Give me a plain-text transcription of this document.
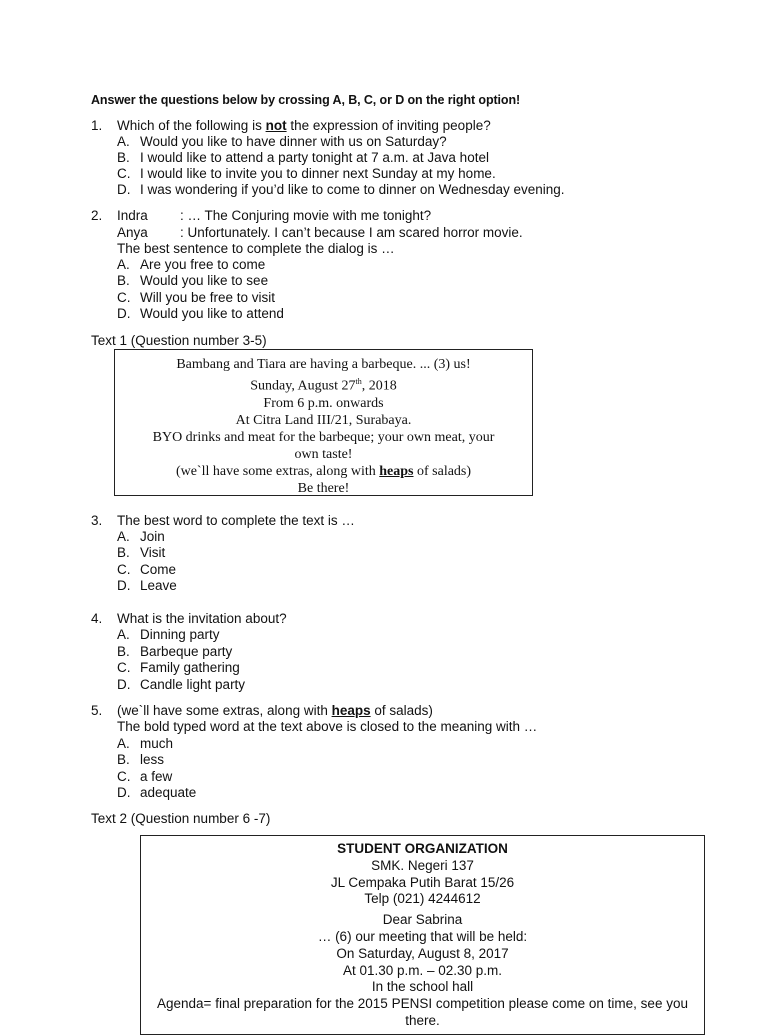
Answer the questions below by crossing A, B, C, or D on the right option!
1. Which of the following is not the expression of inviting people?
A. Would you like to have dinner with us on Saturday?
B. I would like to attend a party tonight at 7 a.m. at Java hotel
C. I would like to invite you to dinner next Sunday at my home.
D. I was wondering if you’d like to come to dinner on Wednesday evening.
2. Indra : … The Conjuring movie with me tonight?
Anya : Unfortunately. I can’t because I am scared horror movie.
The best sentence to complete the dialog is …
A. Are you free to come
B. Would you like to see
C. Will you be free to visit
D. Would you like to attend
Text 1 (Question number 3-5)
Bambang and Tiara are having a barbeque. ... (3) us!
Sunday, August 27th, 2018
From 6 p.m. onwards
At Citra Land III/21, Surabaya.
BYO drinks and meat for the barbeque; your own meat, your
own taste!
(we`ll have some extras, along with heaps of salads)
Be there!
3. The best word to complete the text is …
A. Join
B. Visit
C. Come
D. Leave
4. What is the invitation about?
A. Dinning party
B. Barbeque party
C. Family gathering
D. Candle light party
5. (we`ll have some extras, along with heaps of salads)
The bold typed word at the text above is closed to the meaning with …
A. much
B. less
C. a few
D. adequate
Text 2 (Question number 6 -7)
STUDENT ORGANIZATION
SMK. Negeri 137
JL Cempaka Putih Barat 15/26
Telp (021) 4244612
Dear Sabrina
… (6) our meeting that will be held:
On Saturday, August 8, 2017
At 01.30 p.m. – 02.30 p.m.
In the school hall
Agenda= final preparation for the 2015 PENSI competition please come on time, see you
there.
